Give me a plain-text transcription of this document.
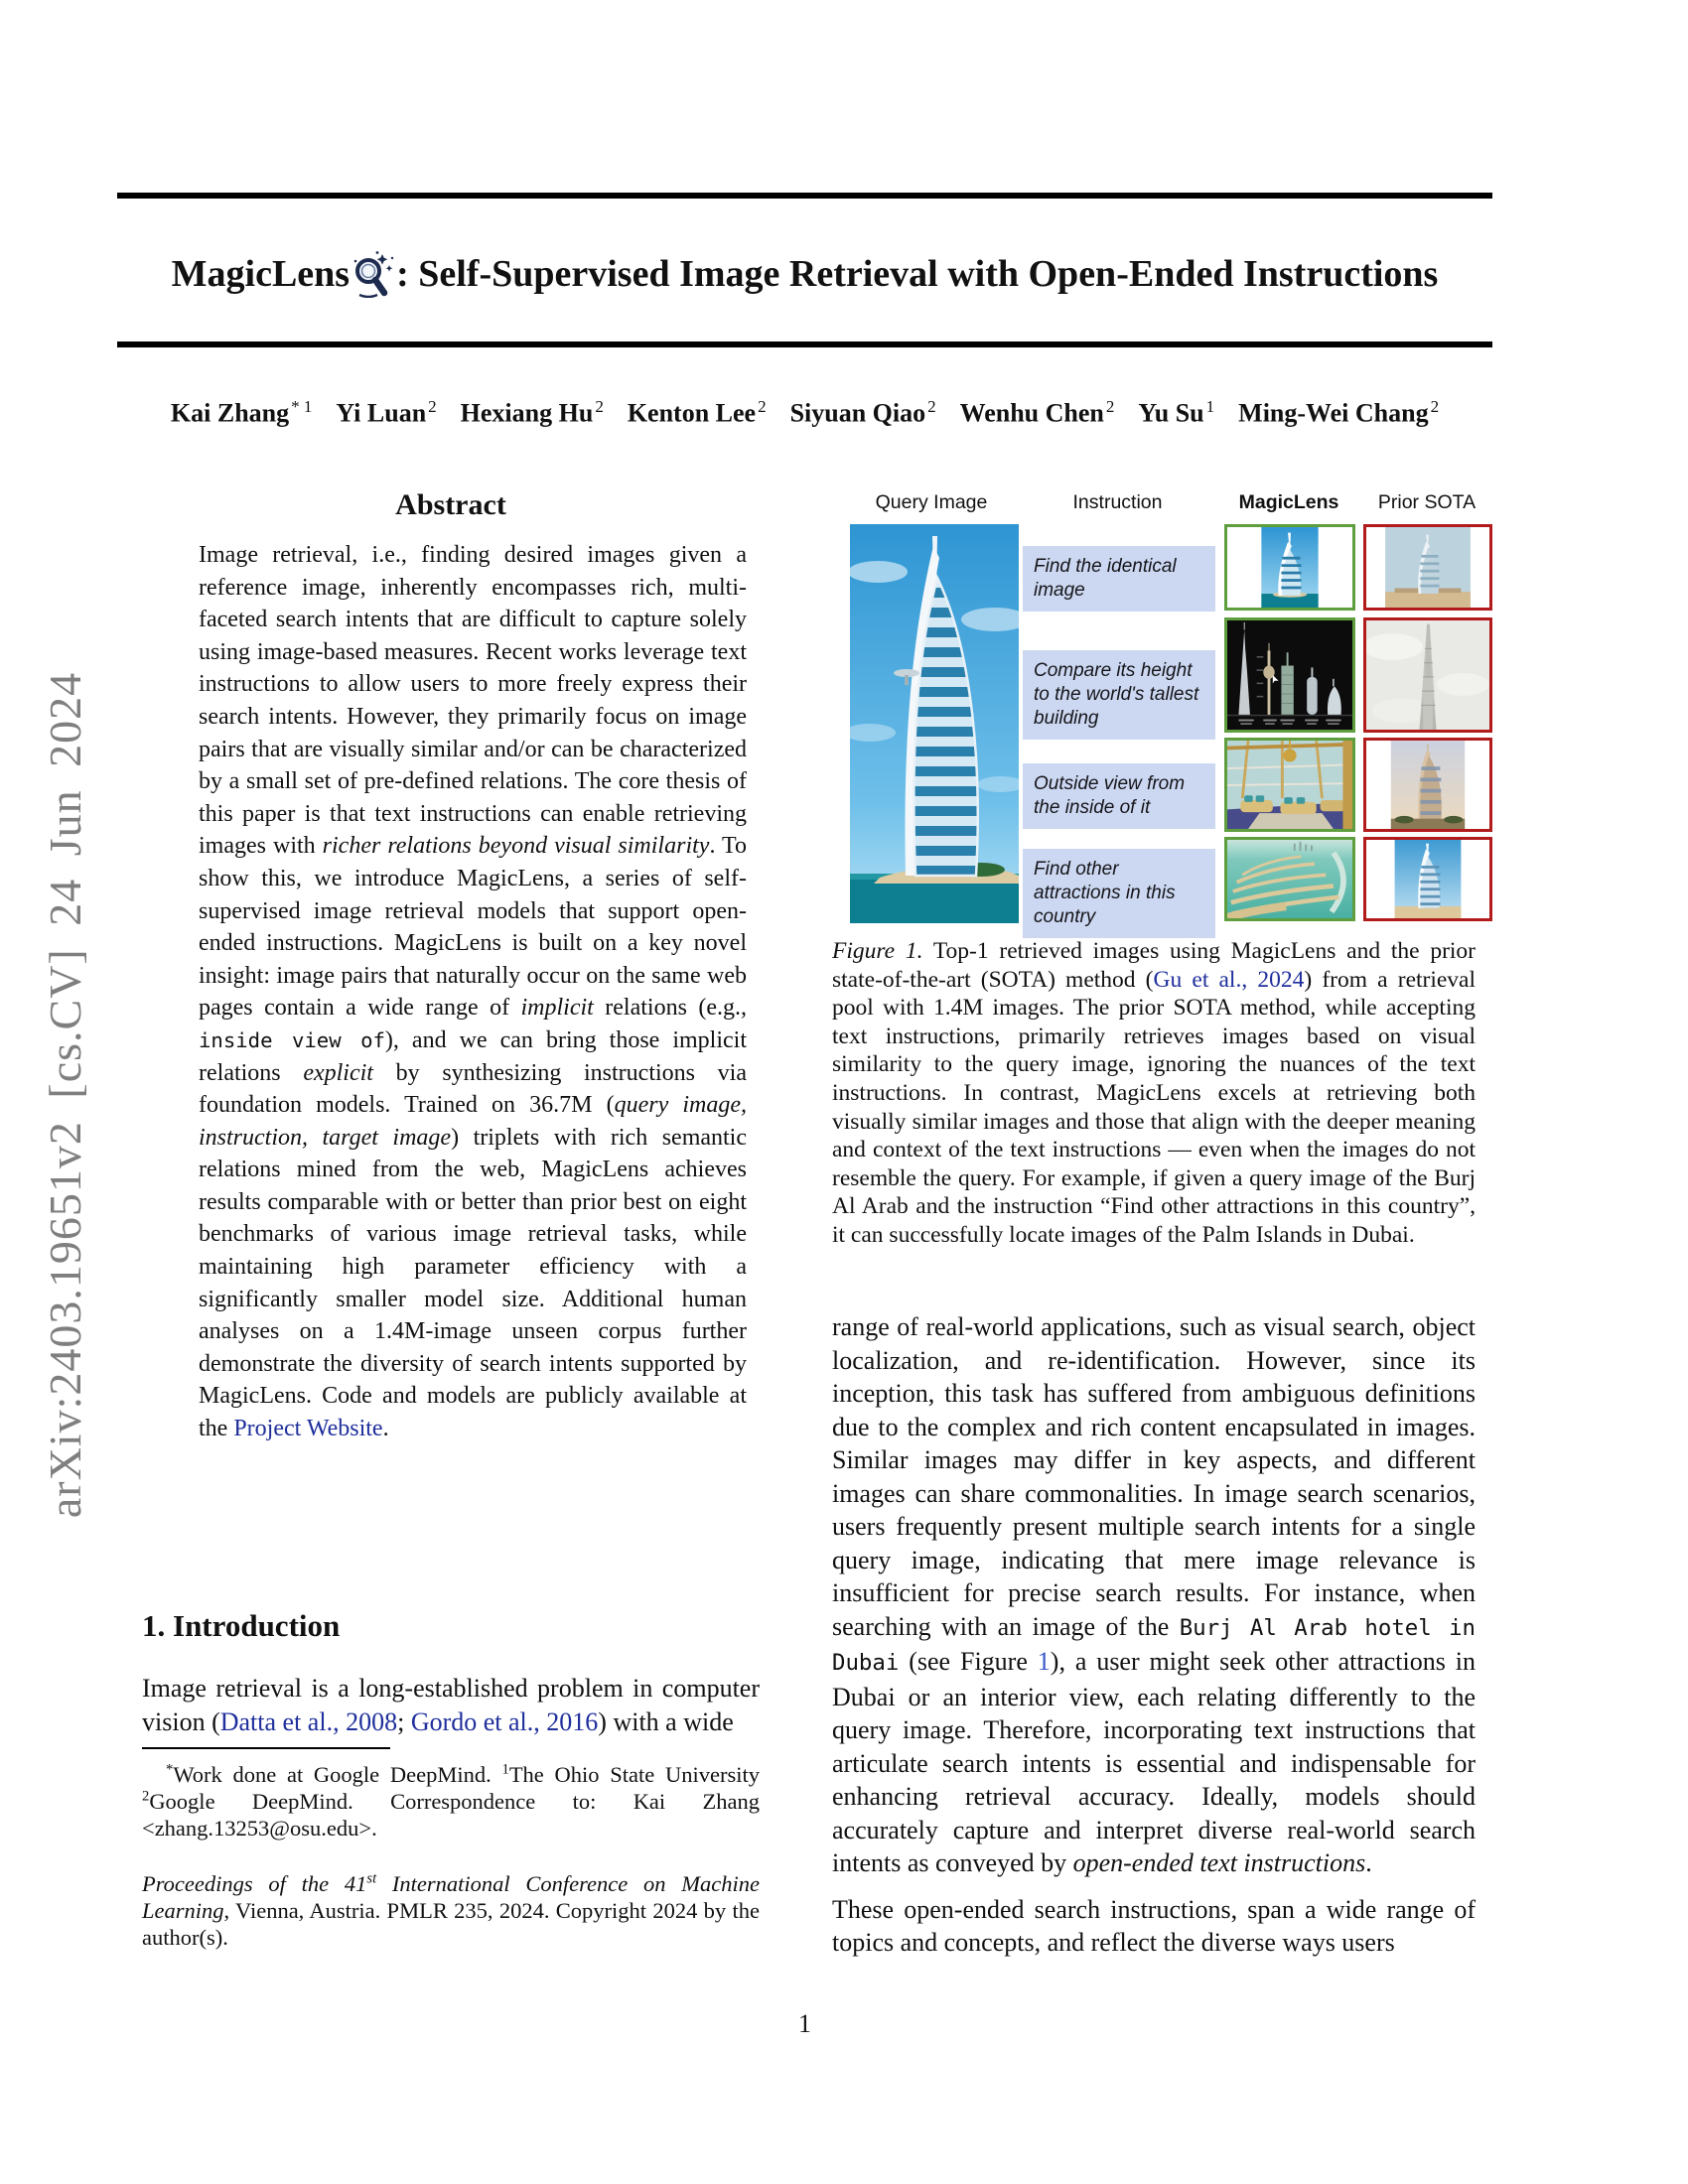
arXiv:2403.19651v2 [cs.CV] 24 Jun 2024
MagicLens : Self-Supervised Image Retrieval with Open-Ended Instructions
Kai Zhang $^{* 1}$ Yi Luan $^2$ Hexiang Hu $^2$ Kenton Lee $^2$ Siyuan Qiao $^2$ Wenhu Chen $^2$ Yu Su $^1$ Ming-Wei Chang $^2$
Abstract
Image retrieval, i.e., finding desired images given a reference image, inherently encompasses rich, multi-faceted search intents that are difficult to capture solely using image-based measures. Recent works leverage text instructions to allow users to more freely express their search intents. However, they primarily focus on image pairs that are visually similar and/or can be characterized by a small set of pre-defined relations. The core thesis of this paper is that text instructions can enable retrieving images with richer relations beyond visual similarity. To show this, we introduce MagicLens, a series of self-supervised image retrieval models that support open-ended instructions. MagicLens is built on a key novel insight: image pairs that naturally occur on the same web pages contain a wide range of implicit relations (e.g., inside view of), and we can bring those implicit relations explicit by synthesizing instructions via foundation models. Trained on 36.7M (query image, instruction, target image) triplets with rich semantic relations mined from the web, MagicLens achieves results comparable with or better than prior best on eight benchmarks of various image retrieval tasks, while maintaining high parameter efficiency with a significantly smaller model size. Additional human analyses on a 1.4M-image unseen corpus further demonstrate the diversity of search intents supported by MagicLens. Code and models are publicly available at the Project Website.
1. Introduction
Image retrieval is a long-established problem in computer vision (Datta et al., 2008; Gordo et al., 2016) with a wide
*Work done at Google DeepMind. $^1$The Ohio State University $^2$Google DeepMind. Correspondence to: Kai Zhang <zhang.13253@osu.edu>.
Proceedings of the 41st International Conference on Machine Learning, Vienna, Austria. PMLR 235, 2024. Copyright 2024 by the author(s).
Query Image	Instruction	MagicLens	Prior SOTA
Find the identical image
Compare its height to the world's tallest building
Outside view from the inside of it
Find other attractions in this country
Figure 1. Top-1 retrieved images using MagicLens and the prior state-of-the-art (SOTA) method (Gu et al., 2024) from a retrieval pool with 1.4M images. The prior SOTA method, while accepting text instructions, primarily retrieves images based on visual similarity to the query image, ignoring the nuances of the text instructions. In contrast, MagicLens excels at retrieving both visually similar images and those that align with the deeper meaning and context of the text instructions — even when the images do not resemble the query. For example, if given a query image of the Burj Al Arab and the instruction “Find other attractions in this country”, it can successfully locate images of the Palm Islands in Dubai.
range of real-world applications, such as visual search, object localization, and re-identification. However, since its inception, this task has suffered from ambiguous definitions due to the complex and rich content encapsulated in images. Similar images may differ in key aspects, and different images can share commonalities. In image search scenarios, users frequently present multiple search intents for a single query image, indicating that mere image relevance is insufficient for precise search results. For instance, when searching with an image of the Burj Al Arab hotel in Dubai (see Figure 1), a user might seek other attractions in Dubai or an interior view, each relating differently to the query image. Therefore, incorporating text instructions that articulate search intents is essential and indispensable for enhancing retrieval accuracy. Ideally, models should accurately capture and interpret diverse real-world search intents as conveyed by open-ended text instructions.
These open-ended search instructions, span a wide range of topics and concepts, and reflect the diverse ways users
1
